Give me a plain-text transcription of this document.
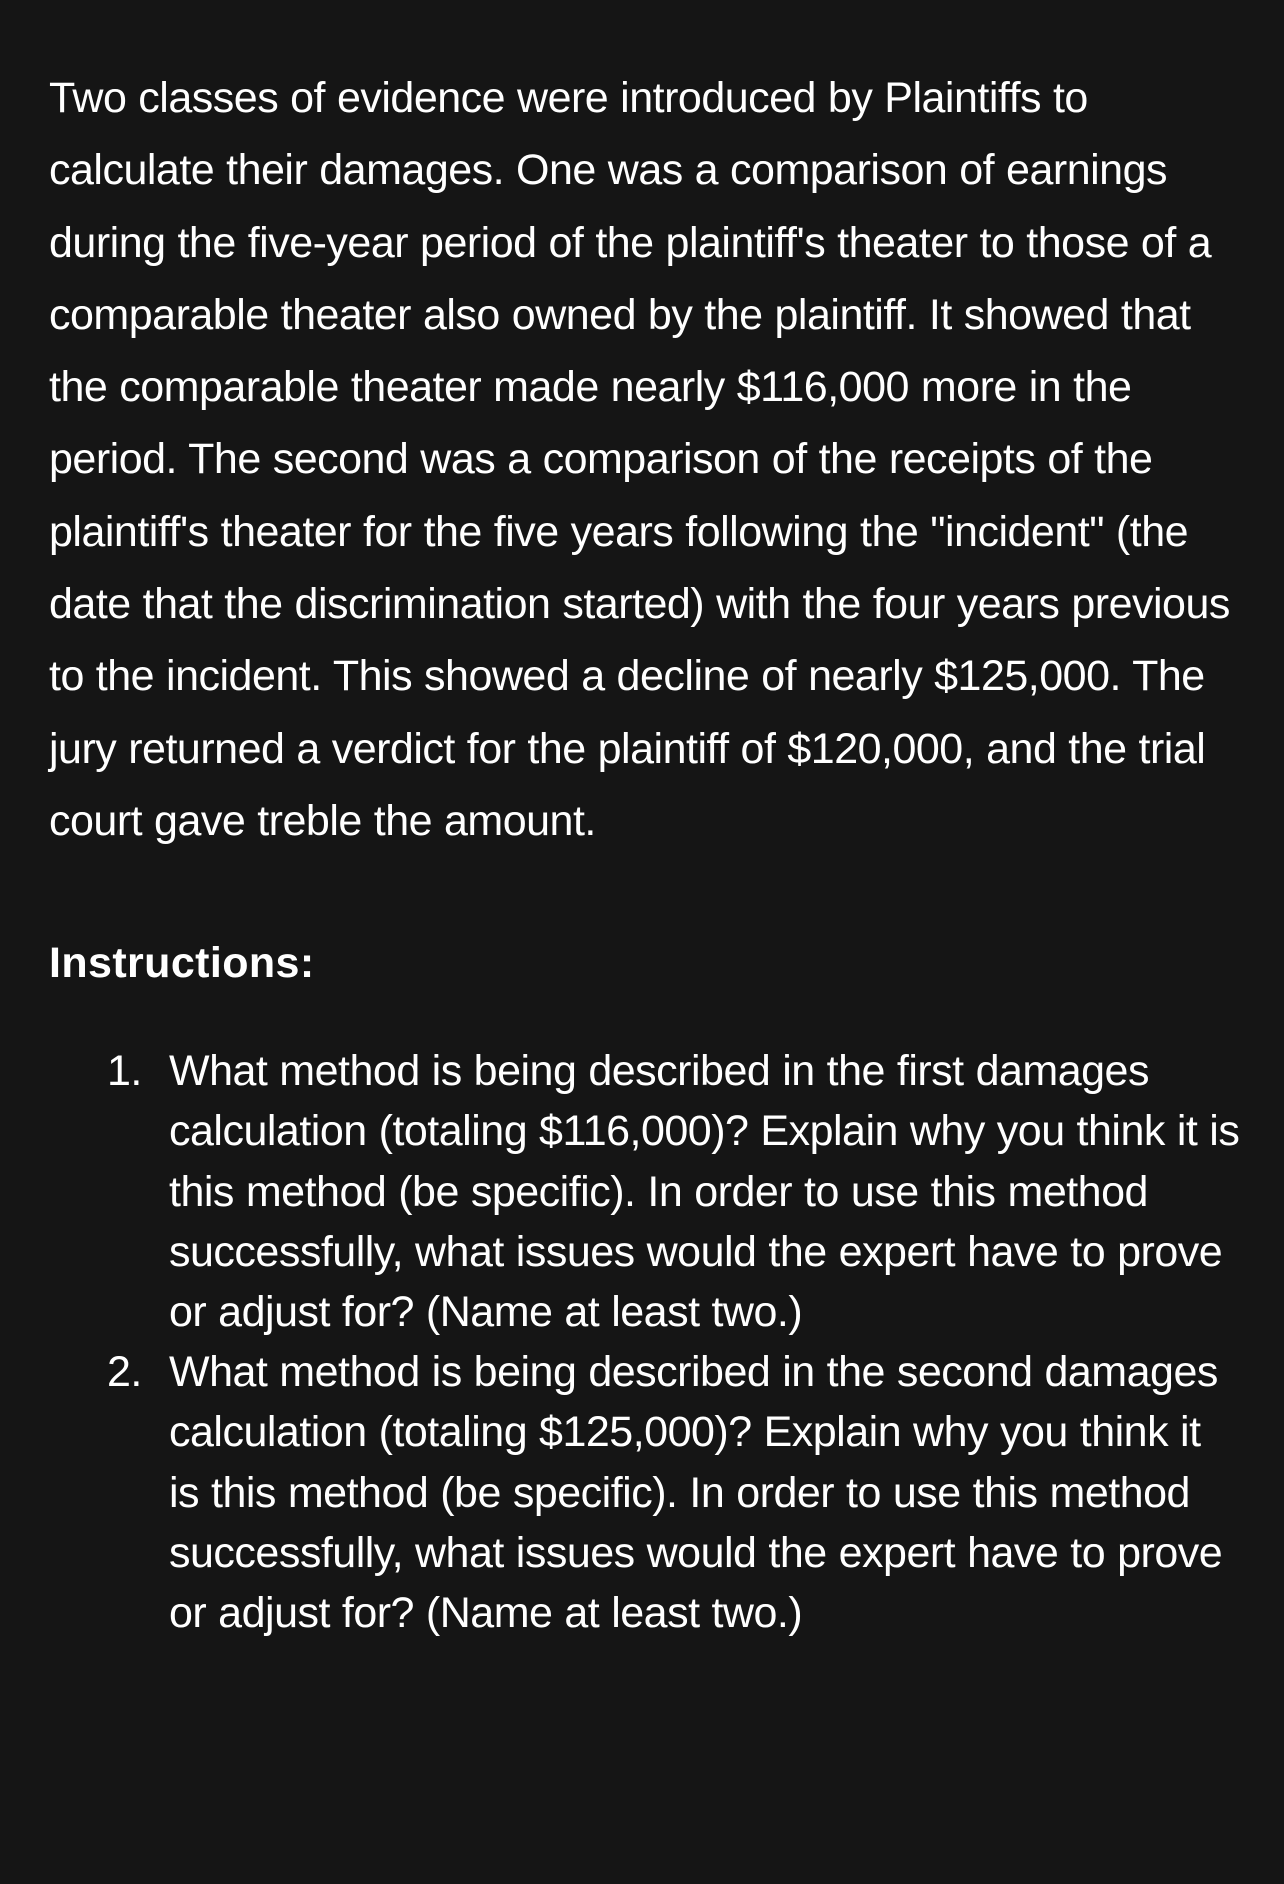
Two classes of evidence were introduced by Plaintiffs to calculate their damages. One was a comparison of earnings during the five-year period of the plaintiff's theater to those of a comparable theater also owned by the plaintiff. It showed that the comparable theater made nearly $116,000 more in the period. The second was a comparison of the receipts of the plaintiff's theater for the five years following the "incident" (the date that the discrimination started) with the four years previous to the incident. This showed a decline of nearly $125,000. The jury returned a verdict for the plaintiff of $120,000, and the trial court gave treble the amount.

Instructions:
1. What method is being described in the first damages calculation (totaling $116,000)? Explain why you think it is this method (be specific). In order to use this method successfully, what issues would the expert have to prove or adjust for? (Name at least two.)
2. What method is being described in the second damages calculation (totaling $125,000)? Explain why you think it is this method (be specific). In order to use this method successfully, what issues would the expert have to prove or adjust for? (Name at least two.)
